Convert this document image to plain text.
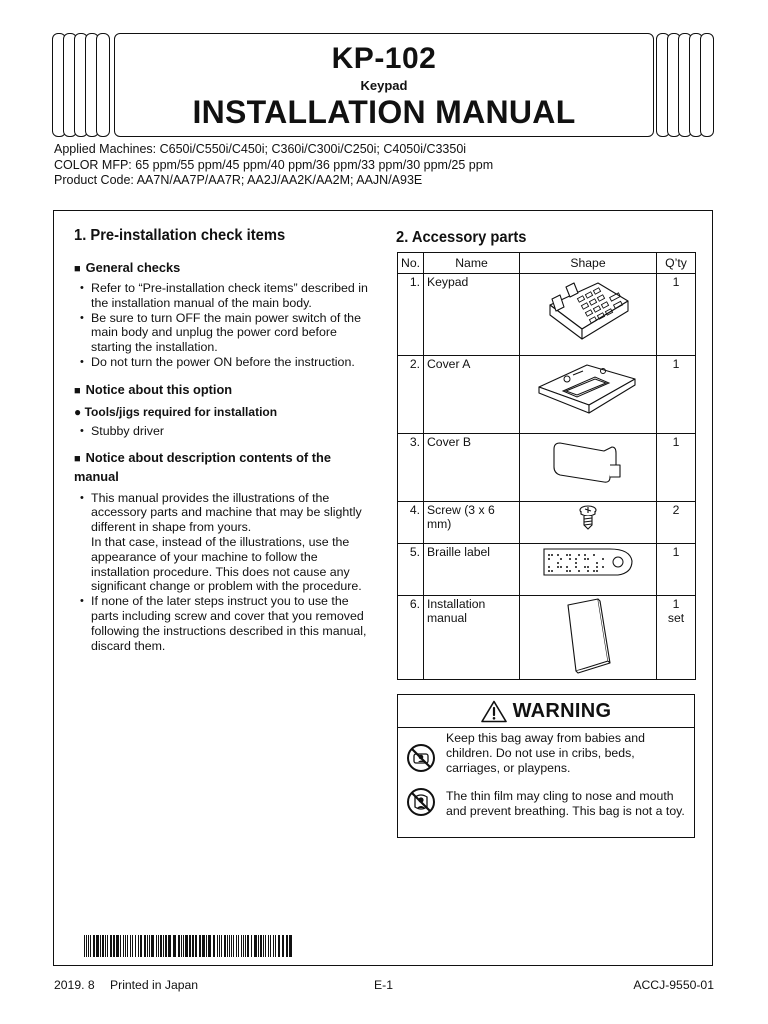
KP-102
Keypad
INSTALLATION MANUAL
Applied Machines: C650i/C550i/C450i; C360i/C300i/C250i; C4050i/C3350i
COLOR MFP: 65 ppm/55 ppm/45 ppm/40 ppm/36 ppm/33 ppm/30 ppm/25 ppm
Product Code: AA7N/AA7P/AA7R; AA2J/AA2K/AA2M; AAJN/A93E
1. Pre-installation check items
■ General checks
• Refer to “Pre-installation check items” described in the installation manual of the main body.
• Be sure to turn OFF the main power switch of the main body and unplug the power cord before starting the installation.
• Do not turn the power ON before the instruction.
■ Notice about this option
● Tools/jigs required for installation
• Stubby driver
■ Notice about description contents of the manual
• This manual provides the illustrations of the accessory parts and machine that may be slightly different in shape from yours.
In that case, instead of the illustrations, use the appearance of your machine to follow the installation procedure. This does not cause any significant change or problem with the procedure.
• If none of the later steps instruct you to use the parts including screw and cover that you removed following the instructions described in this manual, discard them.
2. Accessory parts
No.	Name	Shape	Q’ty
1.	Keypad		1
2.	Cover A		1
3.	Cover B		1
4.	Screw (3 x 6 mm)		2
5.	Braille label		1
6.	Installation manual		1
set
WARNING
Keep this bag away from babies and children. Do not use in cribs, beds, carriages, or playpens.
The thin film may cling to nose and mouth and prevent breathing. This bag is not a toy.
2019. 8 Printed in Japan	E-1	ACCJ-9550-01
